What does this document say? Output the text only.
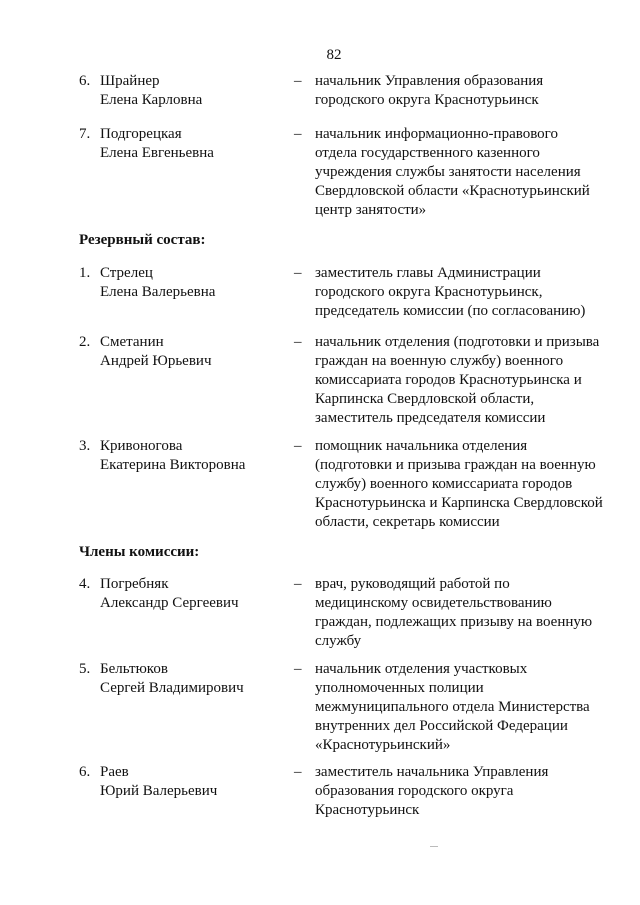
82
6. Шрайнер
Елена Карловна
– начальник Управления образования
городского округа Краснотурьинск
7. Подгорецкая
Елена Евгеньевна
– начальник информационно-правового
отдела государственного казенного
учреждения службы занятости населения
Свердловской области «Краснотурьинский
центр занятости»
Резервный состав:
1. Стрелец
Елена Валерьевна
– заместитель главы Администрации
городского округа Краснотурьинск,
председатель комиссии (по согласованию)
2. Сметанин
Андрей Юрьевич
– начальник отделения (подготовки и призыва
граждан на военную службу) военного
комиссариата городов Краснотурьинска и
Карпинска Свердловской области,
заместитель председателя комиссии
3. Кривоногова
Екатерина Викторовна
– помощник начальника отделения
(подготовки и призыва граждан на военную
службу) военного комиссариата городов
Краснотурьинска и Карпинска Свердловской
области, секретарь комиссии
Члены комиссии:
4. Погребняк
Александр Сергеевич
– врач, руководящий работой по
медицинскому освидетельствованию
граждан, подлежащих призыву на военную
службу
5. Бельтюков
Сергей Владимирович
– начальник отделения участковых
уполномоченных полиции
межмуниципального отдела Министерства
внутренних дел Российской Федерации
«Краснотурьинский»
6. Раев
Юрий Валерьевич
– заместитель начальника Управления
образования городского округа
Краснотурьинск
